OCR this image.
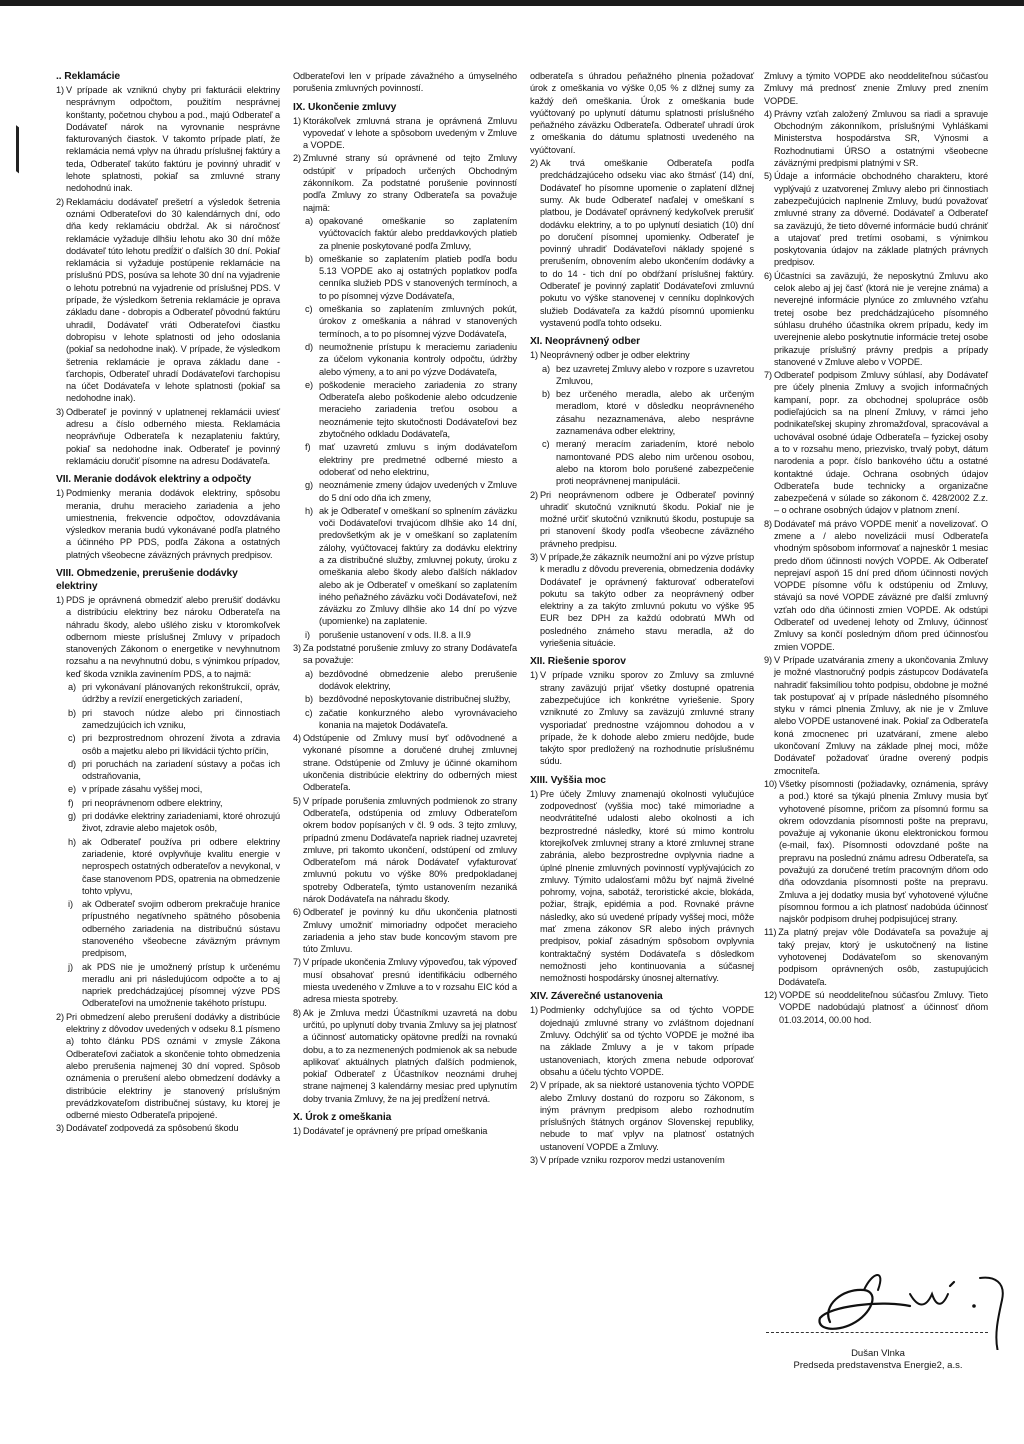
.. Reklamácie
1) V prípade ak vzniknú chyby pri fakturácii elektriny nesprávnym odpočtom, použitím nesprávnej konštanty, početnou chybou a pod., majú Odberateľ a Dodávateľ nárok na vyrovnanie nesprávne fakturovaných čiastok. V takomto prípade platí, že reklamácia nemá vplyv na úhradu príslušnej faktúry a teda, Odberateľ takúto faktúru je povinný uhradiť v lehote splatnosti, pokiaľ sa zmluvné strany nedohodnú inak.
2) Reklamáciu dodávateľ prešetrí a výsledok šetrenia oznámi Odberateľovi do 30 kalendárnych dní, odo dňa kedy reklamáciu obdržal. Ak si náročnosť reklamácie vyžaduje dlhšiu lehotu ako 30 dní môže dodávateľ túto lehotu predĺžiť o ďalších 30 dní. Pokiaľ reklamácia si vyžaduje postúpenie reklamácie na príslušnú PDS, posúva sa lehote 30 dní na vyjadrenie o lehotu potrebnú na vyjadrenie od príslušnej PDS. V prípade, že výsledkom šetrenia reklamácie je oprava základu dane - dobropis a Odberateľ pôvodnú faktúru uhradil, Dodávateľ vráti Odberateľovi čiastku dobropisu v lehote splatnosti od jeho odoslania (pokiaľ sa nedohodne inak). V prípade, že výsledkom šetrenia reklamácie je oprava základu dane - ťarchopis, Odberateľ uhradí Dodávateľovi ťarchopisu na účet Dodávateľa v lehote splatnosti (pokiaľ sa nedohodne inak).
3) Odberateľ je povinný v uplatnenej reklamácii uviesť adresu a číslo odberného miesta. Reklamácia neoprávňuje Odberateľa k nezaplateniu faktúry, pokiaľ sa nedohodne inak. Odberateľ je povinný reklamáciu doručiť písomne na adresu Dodávateľa.
VII. Meranie dodávok elektriny a odpočty
1) Podmienky merania dodávok elektriny, spôsobu merania, druhu meracieho zariadenia a jeho umiestnenia, frekvencie odpočtov, odovzdávania výsledkov merania budú vykonávané podľa platného a účinného PP PDS, podľa Zákona a ostatných platných všeobecne záväzných právnych predpisov.
VIII. Obmedzenie, prerušenie dodávky elektriny
1) PDS je oprávnená obmedziť alebo prerušiť dodávku a distribúciu elektriny bez nároku Odberateľa na náhradu škody, alebo ušlého zisku v ktoromkoľvek odbernom mieste príslušnej Zmluvy v prípadoch stanovených Zákonom o energetike v nevyhnutnom rozsahu a na nevyhnutnú dobu, s výnimkou prípadov, keď škoda vznikla zavinením PDS, a to najmä:
a) pri vykonávaní plánovaných rekonštrukcií, opráv, údržby a revízií energetických zariadení,
b) pri stavoch núdze alebo pri činnostiach zamedzujúcich ich vzniku,
c) pri bezprostrednom ohrození života a zdravia osôb a majetku alebo pri likvidácii týchto príčin,
d) pri poruchách na zariadení sústavy a počas ich odstraňovania,
e) v prípade zásahu vyššej moci,
f) pri neoprávnenom odbere elektriny,
g) pri dodávke elektriny zariadeniami, ktoré ohrozujú život, zdravie alebo majetok osôb,
h) ak Odberateľ používa pri odbere elektriny zariadenie, ktoré ovplyvňuje kvalitu energie v neprospech ostatných odberateľov a nevykonal, v čase stanovenom PDS, opatrenia na obmedzenie tohto vplyvu,
i) ak Odberateľ svojim odberom prekračuje hranice prípustného negatívneho spätného pôsobenia odberného zariadenia na distribučnú sústavu stanoveného všeobecne záväzným právnym predpisom,
j) ak PDS nie je umožnený prístup k určenému meradlu ani pri následujúcom odpočte a to aj napriek predchádzajúcej písomnej výzve PDS Odberateľovi na umožnenie takéhoto prístupu.
2) Pri obmedzení alebo prerušení dodávky a distribúcie elektriny z dôvodov uvedených v odseku 8.1 písmeno a) tohto článku PDS oznámi v zmysle Zákona Odberateľovi začiatok a skončenie tohto obmedzenia alebo prerušenia najmenej 30 dní vopred. Spôsob oznámenia o prerušení alebo obmedzení dodávky a distribúcie elektriny je stanovený príslušným prevádzkovateľom distribučnej sústavy, ku ktorej je odberné miesto Odberateľa pripojené.
3) Dodávateľ zodpovedá za spôsobenú škodu
Odberateľovi len v prípade závažného a úmyselného porušenia zmluvných povinností.
IX. Ukončenie zmluvy
1) Ktorákoľvek zmluvná strana je oprávnená Zmluvu vypovedať v lehote a spôsobom uvedeným v Zmluve a VOPDE.
2) Zmluvné strany sú oprávnené od tejto Zmluvy odstúpiť v prípadoch určených Obchodným zákonníkom. Za podstatné porušenie povinností podľa Zmluvy zo strany Odberateľa sa považuje najmä:
a) opakované omeškanie so zaplatením vyúčtovacích faktúr alebo preddavkových platieb za plnenie poskytované podľa Zmluvy,
b) omeškanie so zaplatením platieb podľa bodu 5.13 VOPDE ako aj ostatných poplatkov podľa cenníka služieb PDS v stanovených termínoch, a to po písomnej výzve Dodávateľa,
c) omeškania so zaplatením zmluvných pokút, úrokov z omeškania a náhrad v stanovených termínoch, a to po písomnej výzve Dodávateľa,
d) neumožnenie prístupu k meraciemu zariadeniu za účelom vykonania kontroly odpočtu, údržby alebo výmeny, a to ani po výzve Dodávateľa,
e) poškodenie meracieho zariadenia zo strany Odberateľa alebo poškodenie alebo odcudzenie meracieho zariadenia treťou osobou a neoznámenie tejto skutočnosti Dodávateľovi bez zbytočného odkladu Dodávateľa,
f) mať uzavretú zmluvu s iným dodávateľom elektriny pre predmetné odberné miesto a odoberať od neho elektrinu,
g) neoznámenie zmeny údajov uvedených v Zmluve do 5 dní odo dňa ich zmeny,
h) ak je Odberateľ v omeškaní so splnením záväzku voči Dodávateľovi trvajúcom dlhšie ako 14 dní, predovšetkým ak je v omeškaní so zaplatením zálohy, vyúčtovacej faktúry za dodávku elektriny a za distribučné služby, zmluvnej pokuty, úroku z omeškania alebo škody alebo ďalších nákladov alebo ak je Odberateľ v omeškaní so zaplatením iného peňažného záväzku voči Dodávateľovi, než záväzku zo Zmluvy dlhšie ako 14 dní po výzve (upomienke) na zaplatenie.
i) porušenie ustanovení v ods. II.8. a II.9
3) Za podstatné porušenie zmluvy zo strany Dodávateľa sa považuje:
a) bezdôvodné obmedzenie alebo prerušenie dodávok elektriny,
b) bezdôvodné neposkytovanie distribučnej služby,
c) začatie konkurzného alebo vyrovnávacieho konania na majetok Dodávateľa.
4) Odstúpenie od Zmluvy musí byť odôvodnené a vykonané písomne a doručené druhej zmluvnej strane. Odstúpenie od Zmluvy je účinné okamihom ukončenia distribúcie elektriny do odberných miest Odberateľa.
5) V prípade porušenia zmluvných podmienok zo strany Odberateľa, odstúpenia od zmluvy Odberateľom okrem bodov popísaných v čl. 9 ods. 3 tejto zmluvy, prípadnú zmenu Dodávateľa napriek riadnej uzavretej zmluve, pri takomto ukončení, odstúpení od zmluvy Odberateľom má nárok Dodávateľ vyfakturovať zmluvnú pokutu vo výške 80% predpokladanej spotreby Odberateľa, týmto ustanovením nezaniká nárok Dodávateľa na náhradu škody.
6) Odberateľ je povinný ku dňu ukončenia platnosti Zmluvy umožniť mimoriadny odpočet meracieho zariadenia a jeho stav bude koncovým stavom pre túto Zmluvu.
7) V prípade ukončenia Zmluvy výpoveďou, tak výpoveď musí obsahovať presnú identifikáciu odberného miesta uvedeného v Zmluve a to v rozsahu EIC kód a adresa miesta spotreby.
8) Ak je Zmluva medzi Účastníkmi uzavretá na dobu určitú, po uplynutí doby trvania Zmluvy sa jej platnosť a účinnosť automaticky opätovne predĺži na rovnakú dobu, a to za nezmenených podmienok ak sa nebude aplikovať aktuálnych platných ďalších podmienok, pokiaľ Odberateľ z Účastníkov neoznámi druhej strane najmenej 3 kalendárny mesiac pred uplynutím doby trvania Zmluvy, že na jej predĺžení netrvá.
X. Úrok z omeškania
1) Dodávateľ je oprávnený pre prípad omeškania
odberateľa s úhradou peňažného plnenia požadovať úrok z omeškania vo výške 0,05 % z dlžnej sumy za každý deň omeškania. Úrok z omeškania bude vyúčtovaný po uplynutí dátumu splatnosti príslušného peňažného záväzku Odberateľa. Odberateľ uhradí úrok z omeškania do dátumu splatnosti uvedeného na vyúčtovaní.
2) Ak trvá omeškanie Odberateľa podľa predchádzajúceho odseku viac ako štrnásť (14) dní, Dodávateľ ho písomne upomenie o zaplatení dlžnej sumy. Ak bude Odberateľ naďalej v omeškaní s platbou, je Dodávateľ oprávnený kedykoľvek prerušiť dodávku elektriny, a to po uplynutí desiatich (10) dní po doručení písomnej upomienky. Odberateľ je povinný uhradiť Dodávateľovi náklady spojené s prerušením, obnovením alebo ukončením dodávky a to do 14 - tich dní po obdŕžaní príslušnej faktúry. Odberateľ je povinný zaplatiť Dodávateľovi zmluvnú pokutu vo výške stanovenej v cenníku doplnkových služieb Dodávateľa za každú písomnú upomienku vystavenú podľa tohto odseku.
XI. Neoprávnený odber
1) Neoprávnený odber je odber elektriny
a) bez uzavretej Zmluvy alebo v rozpore s uzavretou Zmluvou,
b) bez určeného meradla, alebo ak určeným meradlom, ktoré v dôsledku neoprávneného zásahu nezaznamenáva, alebo nesprávne zaznamenáva odber elektriny,
c) meraný meracím zariadením, ktoré nebolo namontované PDS alebo nim určenou osobou, alebo na ktorom bolo porušené zabezpečenie proti neoprávnenej manipulácii.
2) Pri neoprávnenom odbere je Odberateľ povinný uhradiť skutočnú vzniknutú škodu. Pokiaľ nie je možné určiť skutočnú vzniknutú škodu, postupuje sa pri stanovení škody podľa všeobecne záväzného právneho predpisu.
3) V prípade,že zákazník neumožní ani po výzve prístup k meradlu z dôvodu preverenia, obmedzenia dodávky Dodávateľ je oprávnený fakturovať odberateľovi pokutu sa takýto odber za neoprávnený odber elektriny a za takýto zmluvnú pokutu vo výške 95 EUR bez DPH za každú odobratú MWh od posledného známeho stavu meradla, až do vyriešenia situácie.
XII. Riešenie sporov
1) V prípade vzniku sporov zo Zmluvy sa zmluvné strany zaväzujú prijať všetky dostupné opatrenia zabezpečujúce ich konkrétne vyriešenie. Spory vzniknuté zo Zmluvy sa zaväzujú zmluvné strany vysporiadať prednostne vzájomnou dohodou a v prípade, že k dohode alebo zmieru nedôjde, bude takýto spor predložený na rozhodnutie príslušnému súdu.
XIII. Vyššia moc
1) Pre účely Zmluvy znamenajú okolnosti vylučujúce zodpovednosť (vyššia moc) také mimoriadne a neodvrátiteľné udalosti alebo okolnosti a ich bezprostredné následky, ktoré sú mimo kontrolu ktorejkoľvek zmluvnej strany a ktoré zmluvnej strane zabránia, alebo bezprostredne ovplyvnia riadne a úplné plnenie zmluvných povinností vyplývajúcich zo zmluvy. Týmito udalosťami môžu byť najmä živelné pohromy, vojna, sabotáž, teroristické akcie, blokáda, požiar, štrajk, epidémia a pod. Rovnaké právne následky, ako sú uvedené prípady vyššej moci, môže mať zmena zákonov SR alebo iných právnych predpisov, pokiaľ zásadným spôsobom ovplyvnia kontraktačný systém Dodávateľa s dôsledkom nemožnosti jeho kontinuovania a súčasnej nemožnosti hospodársky únosnej alternatívy.
XIV. Záverečné ustanovenia
1) Podmienky odchyľujúce sa od týchto VOPDE dojednajú zmluvné strany vo zvláštnom dojednaní Zmluvy. Odchýliť sa od týchto VOPDE je možné iba na základe Zmluvy a je v takom prípade ustanoveniach, ktorých zmena nebude odporovať obsahu a účelu týchto VOPDE.
2) V prípade, ak sa niektoré ustanovenia týchto VOPDE alebo Zmluvy dostanú do rozporu so Zákonom, s iným právnym predpisom alebo rozhodnutím príslušných štátnych orgánov Slovenskej republiky, nebude to mať vplyv na platnosť ostatných ustanovení VOPDE a Zmluvy.
3) V prípade vzniku rozporov medzi ustanovením
Zmluvy a týmito VOPDE ako neoddeliteľnou súčasťou Zmluvy má prednosť znenie Zmluvy pred znením VOPDE.
4) Právny vzťah založený Zmluvou sa riadi a spravuje Obchodným zákonníkom, príslušnými Vyhláškami Ministerstva hospodárstva SR, Výnosmi a Rozhodnutiami ÚRSO a ostatnými všeobecne záväznými predpismi platnými v SR.
5) Údaje a informácie obchodného charakteru, ktoré vyplývajú z uzatvorenej Zmluvy alebo pri činnostiach zabezpečujúcich naplnenie Zmluvy, budú považovať zmluvné strany za dôverné. Dodávateľ a Odberateľ sa zaväzujú, že tieto dôverné informácie budú chrániť a utajovať pred tretími osobami, s výnimkou poskytovania údajov na základe platných právnych predpisov.
6) Účastníci sa zaväzujú, že neposkytnú Zmluvu ako celok alebo aj jej časť (ktorá nie je verejne známa) a neverejné informácie plynúce zo zmluvného vzťahu tretej osobe bez predchádzajúceho písomného súhlasu druhého účastníka okrem prípadu, kedy im uverejnenie alebo poskytnutie informácie tretej osobe prikazuje príslušný právny predpis a prípady stanovené v Zmluve alebo v VOPDE.
7) Odberateľ podpisom Zmluvy súhlasí, aby Dodávateľ pre účely plnenia Zmluvy a svojich informačných kampaní, popr. za obchodnej spolupráce osôb podieľajúcich sa na plnení Zmluvy, v rámci jeho podnikateľskej skupiny zhromažďoval, spracovával a uchovával osobné údaje Odberateľa – fyzickej osoby a to v rozsahu meno, priezvisko, trvalý pobyt, dátum narodenia a popr. číslo bankového účtu a ostatné kontaktné údaje. Ochrana osobných údajov Odberateľa bude technicky a organizačne zabezpečená v súlade so zákonom č. 428/2002 Z.z. – o ochrane osobných údajov v platnom znení.
8) Dodávateľ má právo VOPDE meniť a novelizovať. O zmene a / alebo novelizácii musí Odberateľa vhodným spôsobom informovať a najneskôr 1 mesiac predo dňom účinnosti nových VOPDE. Ak Odberateľ neprejaví aspoň 15 dní pred dňom účinnosti nových VOPDE písomne vôľu k odstúpeniu od Zmluvy, stávajú sa nové VOPDE záväzné pre ďalší zmluvný vzťah odo dňa účinnosti zmien VOPDE. Ak odstúpi Odberateľ od uvedenej lehoty od Zmluvy, účinnosť Zmluvy sa končí posledným dňom pred účinnosťou zmien VOPDE.
9) V Prípade uzatvárania zmeny a ukončovania Zmluvy je možné vlastnoručný podpis zástupcov Dodávateľa nahradiť faksimíliou tohto podpisu, obdobne je možné tak postupovať aj v prípade následného písomného styku v rámci plnenia Zmluvy, ak nie je v Zmluve alebo VOPDE ustanovené inak. Pokiaľ za Odberateľa koná zmocnenec pri uzatváraní, zmene alebo ukončovaní Zmluvy na základe plnej moci, môže Dodávateľ požadovať úradne overený podpis zmocniteľa.
10) Všetky písomnosti (požiadavky, oznámenia, správy a pod.) ktoré sa týkajú plnenia Zmluvy musia byť vyhotovené písomne, pričom za písomnú formu sa okrem odovzdania písomnosti pošte na prepravu, považuje aj vykonanie úkonu elektronickou formou (e-mail, fax). Písomnosti odovzdané pošte na prepravu na poslednú známu adresu Odberateľa, sa považujú za doručené tretím pracovným dňom odo dňa odovzdania písomnosti pošte na prepravu. Zmluva a jej dodatky musia byť vyhotovené výlučne písomnou formou a ich platnosť nadobúda účinnosť najskôr podpisom druhej podpisujúcej strany.
11) Za platný prejav vôle Dodávateľa sa považuje aj taký prejav, ktorý je uskutočnený na listine vyhotovenej Dodávateľom so skenovaným podpisom oprávnených osôb, zastupujúcich Dodávateľa.
12) VOPDE sú neoddeliteľnou súčasťou Zmluvy. Tieto VOPDE nadobúdajú platnosť a účinnosť dňom 01.03.2014, 00.00 hod.
Dušan Vlnka
Predseda predstavenstva Energie2, a.s.
